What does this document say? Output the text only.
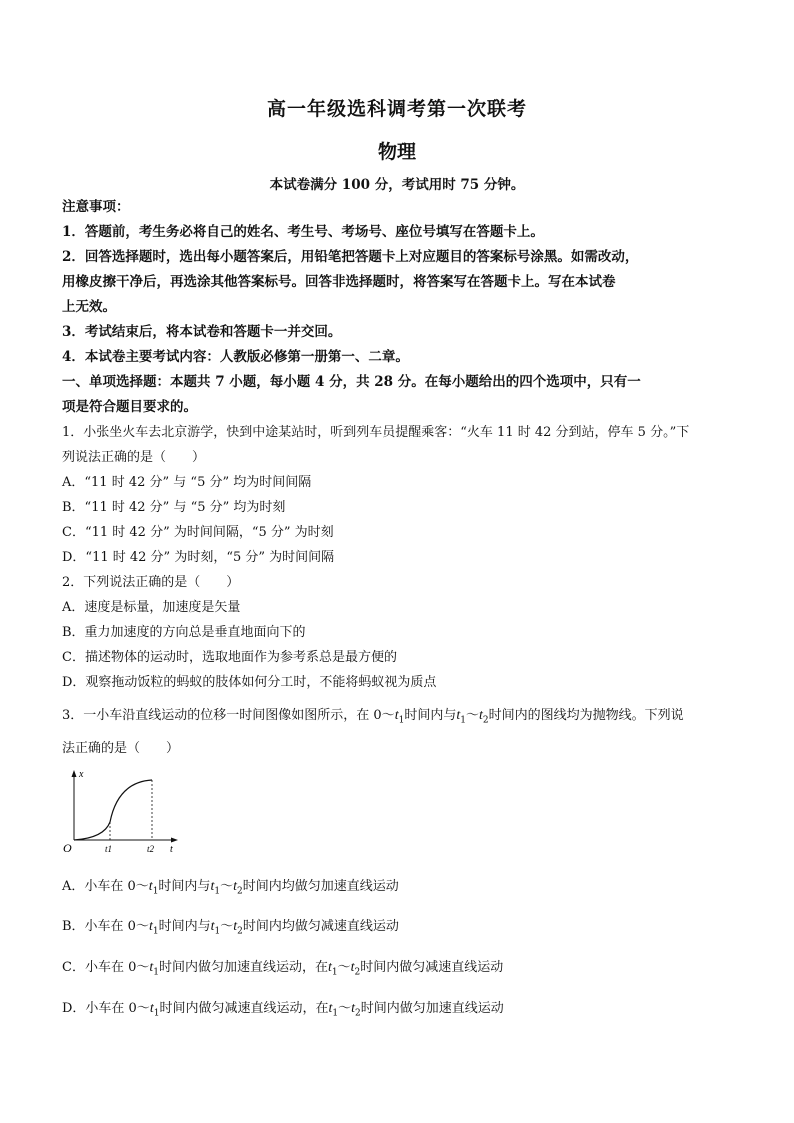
高一年级选科调考第一次联考
物理
本试卷满分 100 分，考试用时 75 分钟。
注意事项：
1．答题前，考生务必将自己的姓名、考生号、考场号、座位号填写在答题卡上。
2．回答选择题时，选出每小题答案后，用铅笔把答题卡上对应题目的答案标号涂黑。如需改动，
用橡皮擦干净后，再选涂其他答案标号。回答非选择题时，将答案写在答题卡上。写在本试卷
上无效。
3．考试结束后，将本试卷和答题卡一并交回。
4．本试卷主要考试内容：人教版必修第一册第一、二章。
一、单项选择题：本题共 7 小题，每小题 4 分，共 28 分。在每小题给出的四个选项中，只有一
项是符合题目要求的。
1．小张坐火车去北京游学，快到中途某站时，听到列车员提醒乘客：“火车 11 时 42 分到站，停车 5 分。”下
列说法正确的是（　　）
A．“11 时 42 分” 与 “5 分” 均为时间间隔
B．“11 时 42 分” 与 “5 分” 均为时刻
C．“11 时 42 分” 为时间间隔，“5 分” 为时刻
D．“11 时 42 分” 为时刻，“5 分” 为时间间隔
2．下列说法正确的是（　　）
A．速度是标量，加速度是矢量
B．重力加速度的方向总是垂直地面向下的
C．描述物体的运动时，选取地面作为参考系总是最方便的
D．观察拖动饭粒的蚂蚁的肢体如何分工时，不能将蚂蚁视为质点
3．一小车沿直线运动的位移一时间图像如图所示，在 $0\sim t_1$时间内与$t_1\sim t_2$时间内的图线均为抛物线。下列说
法正确的是（　　）
x
O	t1	t2 t
A．小车在 $0\sim t_1$时间内与$t_1\sim t_2$时间内均做匀加速直线运动
B．小车在 $0\sim t_1$时间内与$t_1\sim t_2$时间内均做匀减速直线运动
C．小车在 $0\sim t_1$时间内做匀加速直线运动，在$t_1\sim t_2$时间内做匀减速直线运动
D．小车在 $0\sim t_1$时间内做匀减速直线运动，在$t_1\sim t_2$时间内做匀加速直线运动
